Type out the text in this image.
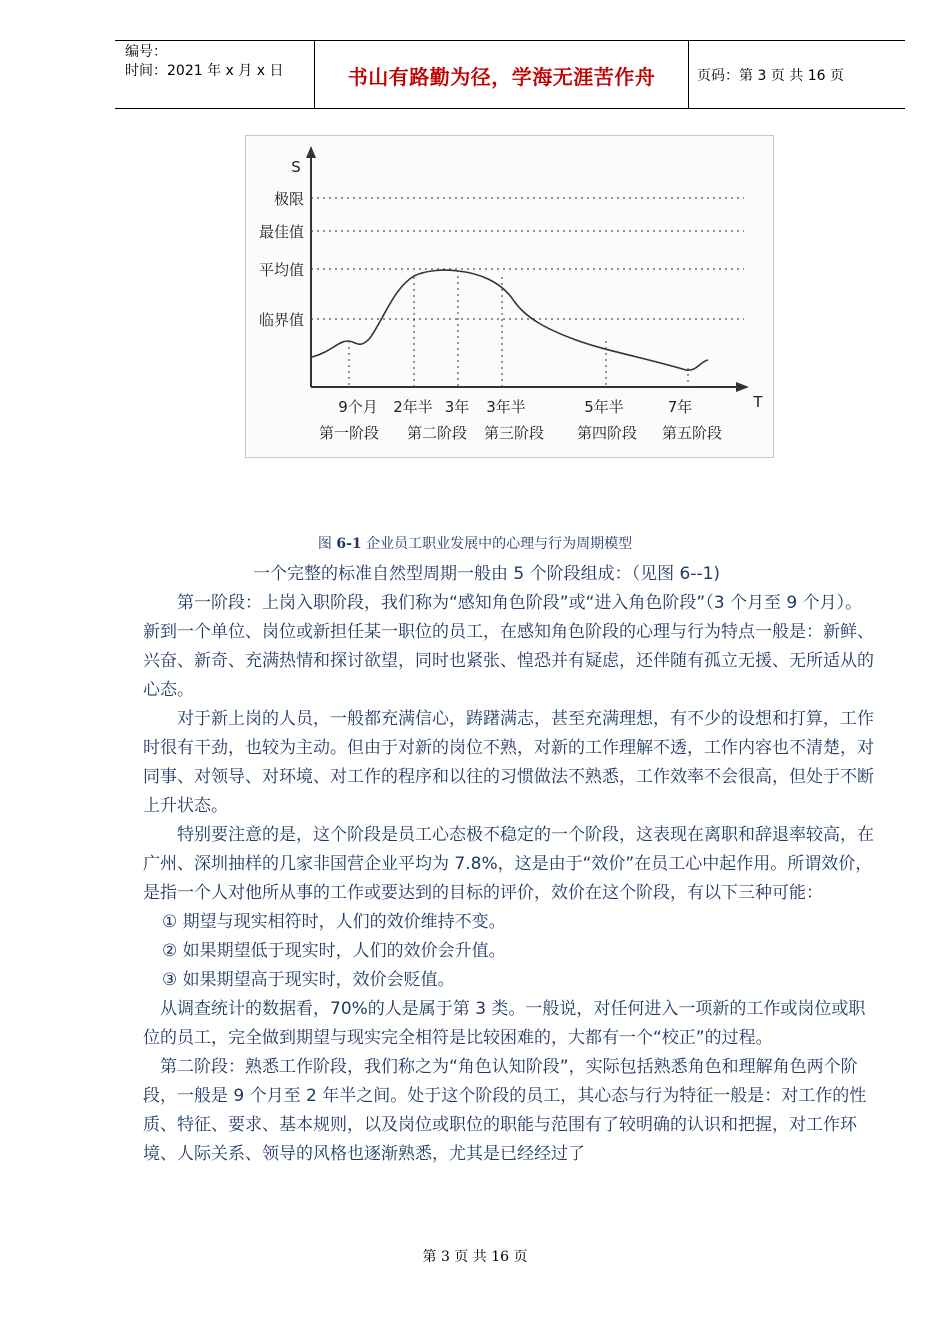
编号：
时间：2021 年 x 月 x 日	书山有路勤为径，学海无涯苦作舟	页码：第 3 页 共 16 页
S
T
极限
最佳值
平均值
临界值
9个月 2年半 3年 3年半	5年半	7年
第一阶段 第二阶段 第三阶段 第四阶段 第五阶段
图 6-1 企业员工职业发展中的心理与行为周期模型

一个完整的标准自然型周期一般由 5 个阶段组成：（见图 6--1)

第一阶段：上岗入职阶段，我们称为“感知角色阶段”或“进入角色阶段”（3 个月至 9 个月）。新到一个单位、岗位或新担任某一职位的员工，在感知角色阶段的心理与行为特点一般是：新鲜、兴奋、新奇、充满热情和探讨欲望，同时也紧张、惶恐并有疑虑，还伴随有孤立无援、无所适从的心态。

对于新上岗的人员，一般都充满信心，踌躇满志，甚至充满理想，有不少的设想和打算，工作时很有干劲，也较为主动。但由于对新的岗位不熟，对新的工作理解不透，工作内容也不清楚，对同事、对领导、对环境、对工作的程序和以往的习惯做法不熟悉，工作效率不会很高，但处于不断上升状态。

特别要注意的是，这个阶段是员工心态极不稳定的一个阶段，这表现在离职和辞退率较高，在广州、深圳抽样的几家非国营企业平均为 7.8%，这是由于“效价”在员工心中起作用。所谓效价，是指一个人对他所从事的工作或要达到的目标的评价，效价在这个阶段，有以下三种可能：

① 期望与现实相符时，人们的效价维持不变。

② 如果期望低于现实时，人们的效价会升值。

③ 如果期望高于现实时，效价会贬值。

从调查统计的数据看，70%的人是属于第 3 类。一般说，对任何进入一项新的工作或岗位或职位的员工，完全做到期望与现实完全相符是比较困难的，大都有一个“校正”的过程。

第二阶段：熟悉工作阶段，我们称之为“角色认知阶段”，实际包括熟悉角色和理解角色两个阶段，一般是 9 个月至 2 年半之间。处于这个阶段的员工，其心态与行为特征一般是：对工作的性质、特征、要求、基本规则，以及岗位或职位的职能与范围有了较明确的认识和把握，对工作环境、人际关系、领导的风格也逐渐熟悉，尤其是已经经过了

第 3 页 共 16 页
